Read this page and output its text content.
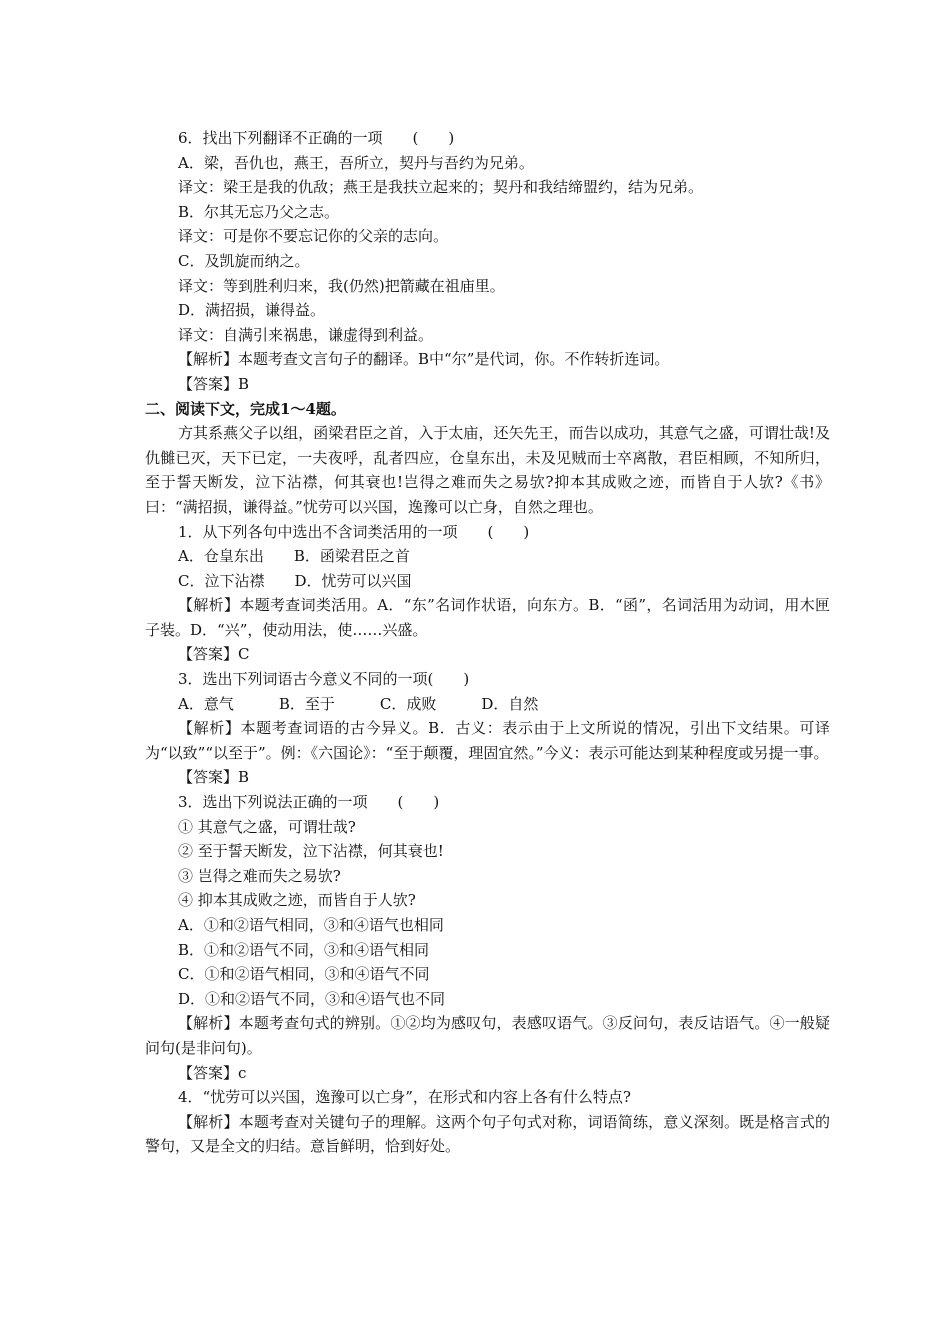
6．找出下列翻译不正确的一项　　(　　)

A．梁，吾仇也，燕王，吾所立，契丹与吾约为兄弟。

译文：梁王是我的仇敌；燕王是我扶立起来的；契丹和我结缔盟约，结为兄弟。

B．尔其无忘乃父之志。

译文：可是你不要忘记你的父亲的志向。

C．及凯旋而纳之。

译文：等到胜利归来，我(仍然)把箭藏在祖庙里。

D．满招损，谦得益。

译文：自满引来祸患，谦虚得到利益。

【解析】本题考查文言句子的翻译。B中“尔”是代词，你。不作转折连词。

【答案】B

二、阅读下文，完成1～4题。

方其系燕父子以组，函梁君臣之首，入于太庙，还矢先王，而告以成功，其意气之盛，可谓壮哉!及仇雠已灭，天下已定，一夫夜呼，乱者四应，仓皇东出，未及见贼而士卒离散，君臣相顾，不知所归，至于誓天断发，泣下沾襟，何其衰也!岂得之难而失之易欤?抑本其成败之迹，而皆自于人欤?《书》曰：“满招损，谦得益。”忧劳可以兴国，逸豫可以亡身，自然之理也。

1．从下列各句中选出不含词类活用的一项　　(　　)

A．仓皇东出　　B．函梁君臣之首

C．泣下沾襟　　D．忧劳可以兴国

【解析】本题考查词类活用。A．“东”名词作状语，向东方。B．“函”，名词活用为动词，用木匣子装。D．“兴”，使动用法，使……兴盛。

【答案】C

3．选出下列词语古今意义不同的一项(　　)

A．意气　　　B．至于　　　C．成败　　　D．自然

【解析】本题考查词语的古今异义。B．古义：表示由于上文所说的情况，引出下文结果。可译为“以致”“以至于”。例：《六国论》：“至于颠覆，理固宜然。”今义：表示可能达到某种程度或另提一事。

【答案】B

3．选出下列说法正确的一项　　(　　)

① 其意气之盛，可谓壮哉?

② 至于誓天断发，泣下沾襟，何其衰也!

③ 岂得之难而失之易欤?

④ 抑本其成败之迹，而皆自于人欤?

A．①和②语气相同，③和④语气也相同

B．①和②语气不同，③和④语气相同

C．①和②语气相同，③和④语气不同

D．①和②语气不同，③和④语气也不同

【解析】本题考查句式的辨别。①②均为感叹句，表感叹语气。③反问句，表反诘语气。④一般疑问句(是非问句)。

【答案】c

4．“忧劳可以兴国，逸豫可以亡身”，在形式和内容上各有什么特点?

【解析】本题考查对关键句子的理解。这两个句子句式对称，词语简练，意义深刻。既是格言式的警句，又是全文的归结。意旨鲜明，恰到好处。
